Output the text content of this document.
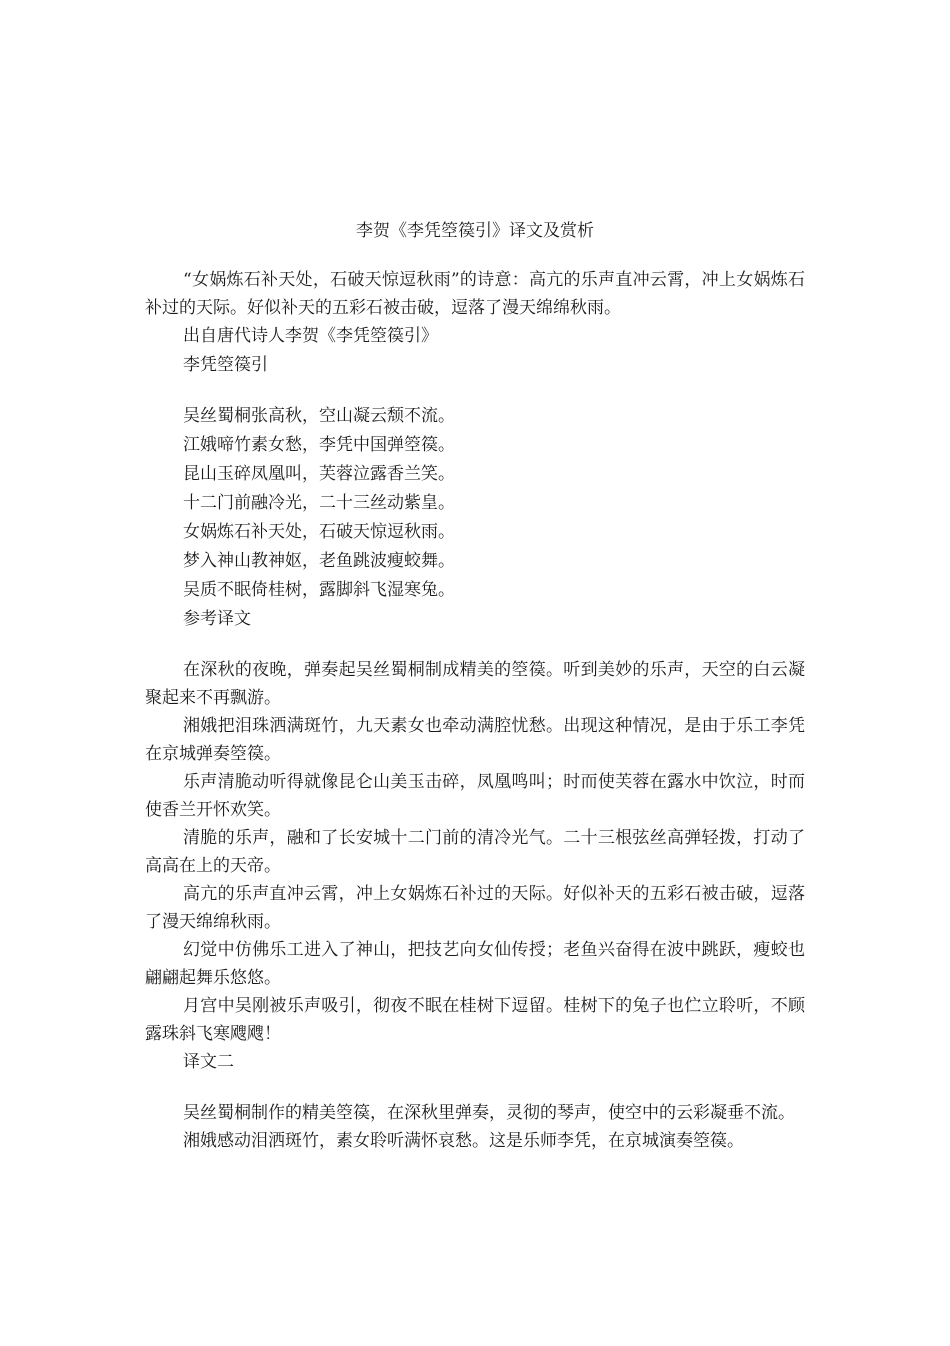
李贺《李凭箜篌引》译文及赏析

“女娲炼石补天处，石破天惊逗秋雨”的诗意：高亢的乐声直冲云霄，冲上女娲炼石补过的天际。好似补天的五彩石被击破，逗落了漫天绵绵秋雨。

出自唐代诗人李贺《李凭箜篌引》

李凭箜篌引

吴丝蜀桐张高秋，空山凝云颓不流。

江娥啼竹素女愁，李凭中国弹箜篌。

昆山玉碎凤凰叫，芙蓉泣露香兰笑。

十二门前融冷光，二十三丝动紫皇。

女娲炼石补天处，石破天惊逗秋雨。

梦入神山教神妪，老鱼跳波瘦蛟舞。

吴质不眠倚桂树，露脚斜飞湿寒兔。

参考译文

在深秋的夜晚，弹奏起吴丝蜀桐制成精美的箜篌。听到美妙的乐声，天空的白云凝聚起来不再飘游。

湘娥把泪珠洒满斑竹，九天素女也牵动满腔忧愁。出现这种情况，是由于乐工李凭在京城弹奏箜篌。

乐声清脆动听得就像昆仑山美玉击碎，凤凰鸣叫；时而使芙蓉在露水中饮泣，时而使香兰开怀欢笑。

清脆的乐声，融和了长安城十二门前的清冷光气。二十三根弦丝高弹轻拨，打动了高高在上的天帝。

高亢的乐声直冲云霄，冲上女娲炼石补过的天际。好似补天的五彩石被击破，逗落了漫天绵绵秋雨。

幻觉中仿佛乐工进入了神山，把技艺向女仙传授；老鱼兴奋得在波中跳跃，瘦蛟也翩翩起舞乐悠悠。

月宫中吴刚被乐声吸引，彻夜不眠在桂树下逗留。桂树下的兔子也伫立聆听，不顾露珠斜飞寒飕飕！

译文二

吴丝蜀桐制作的精美箜篌，在深秋里弹奏，灵彻的琴声，使空中的云彩凝垂不流。

湘娥感动泪洒斑竹，素女聆听满怀哀愁。这是乐师李凭，在京城演奏箜篌。
